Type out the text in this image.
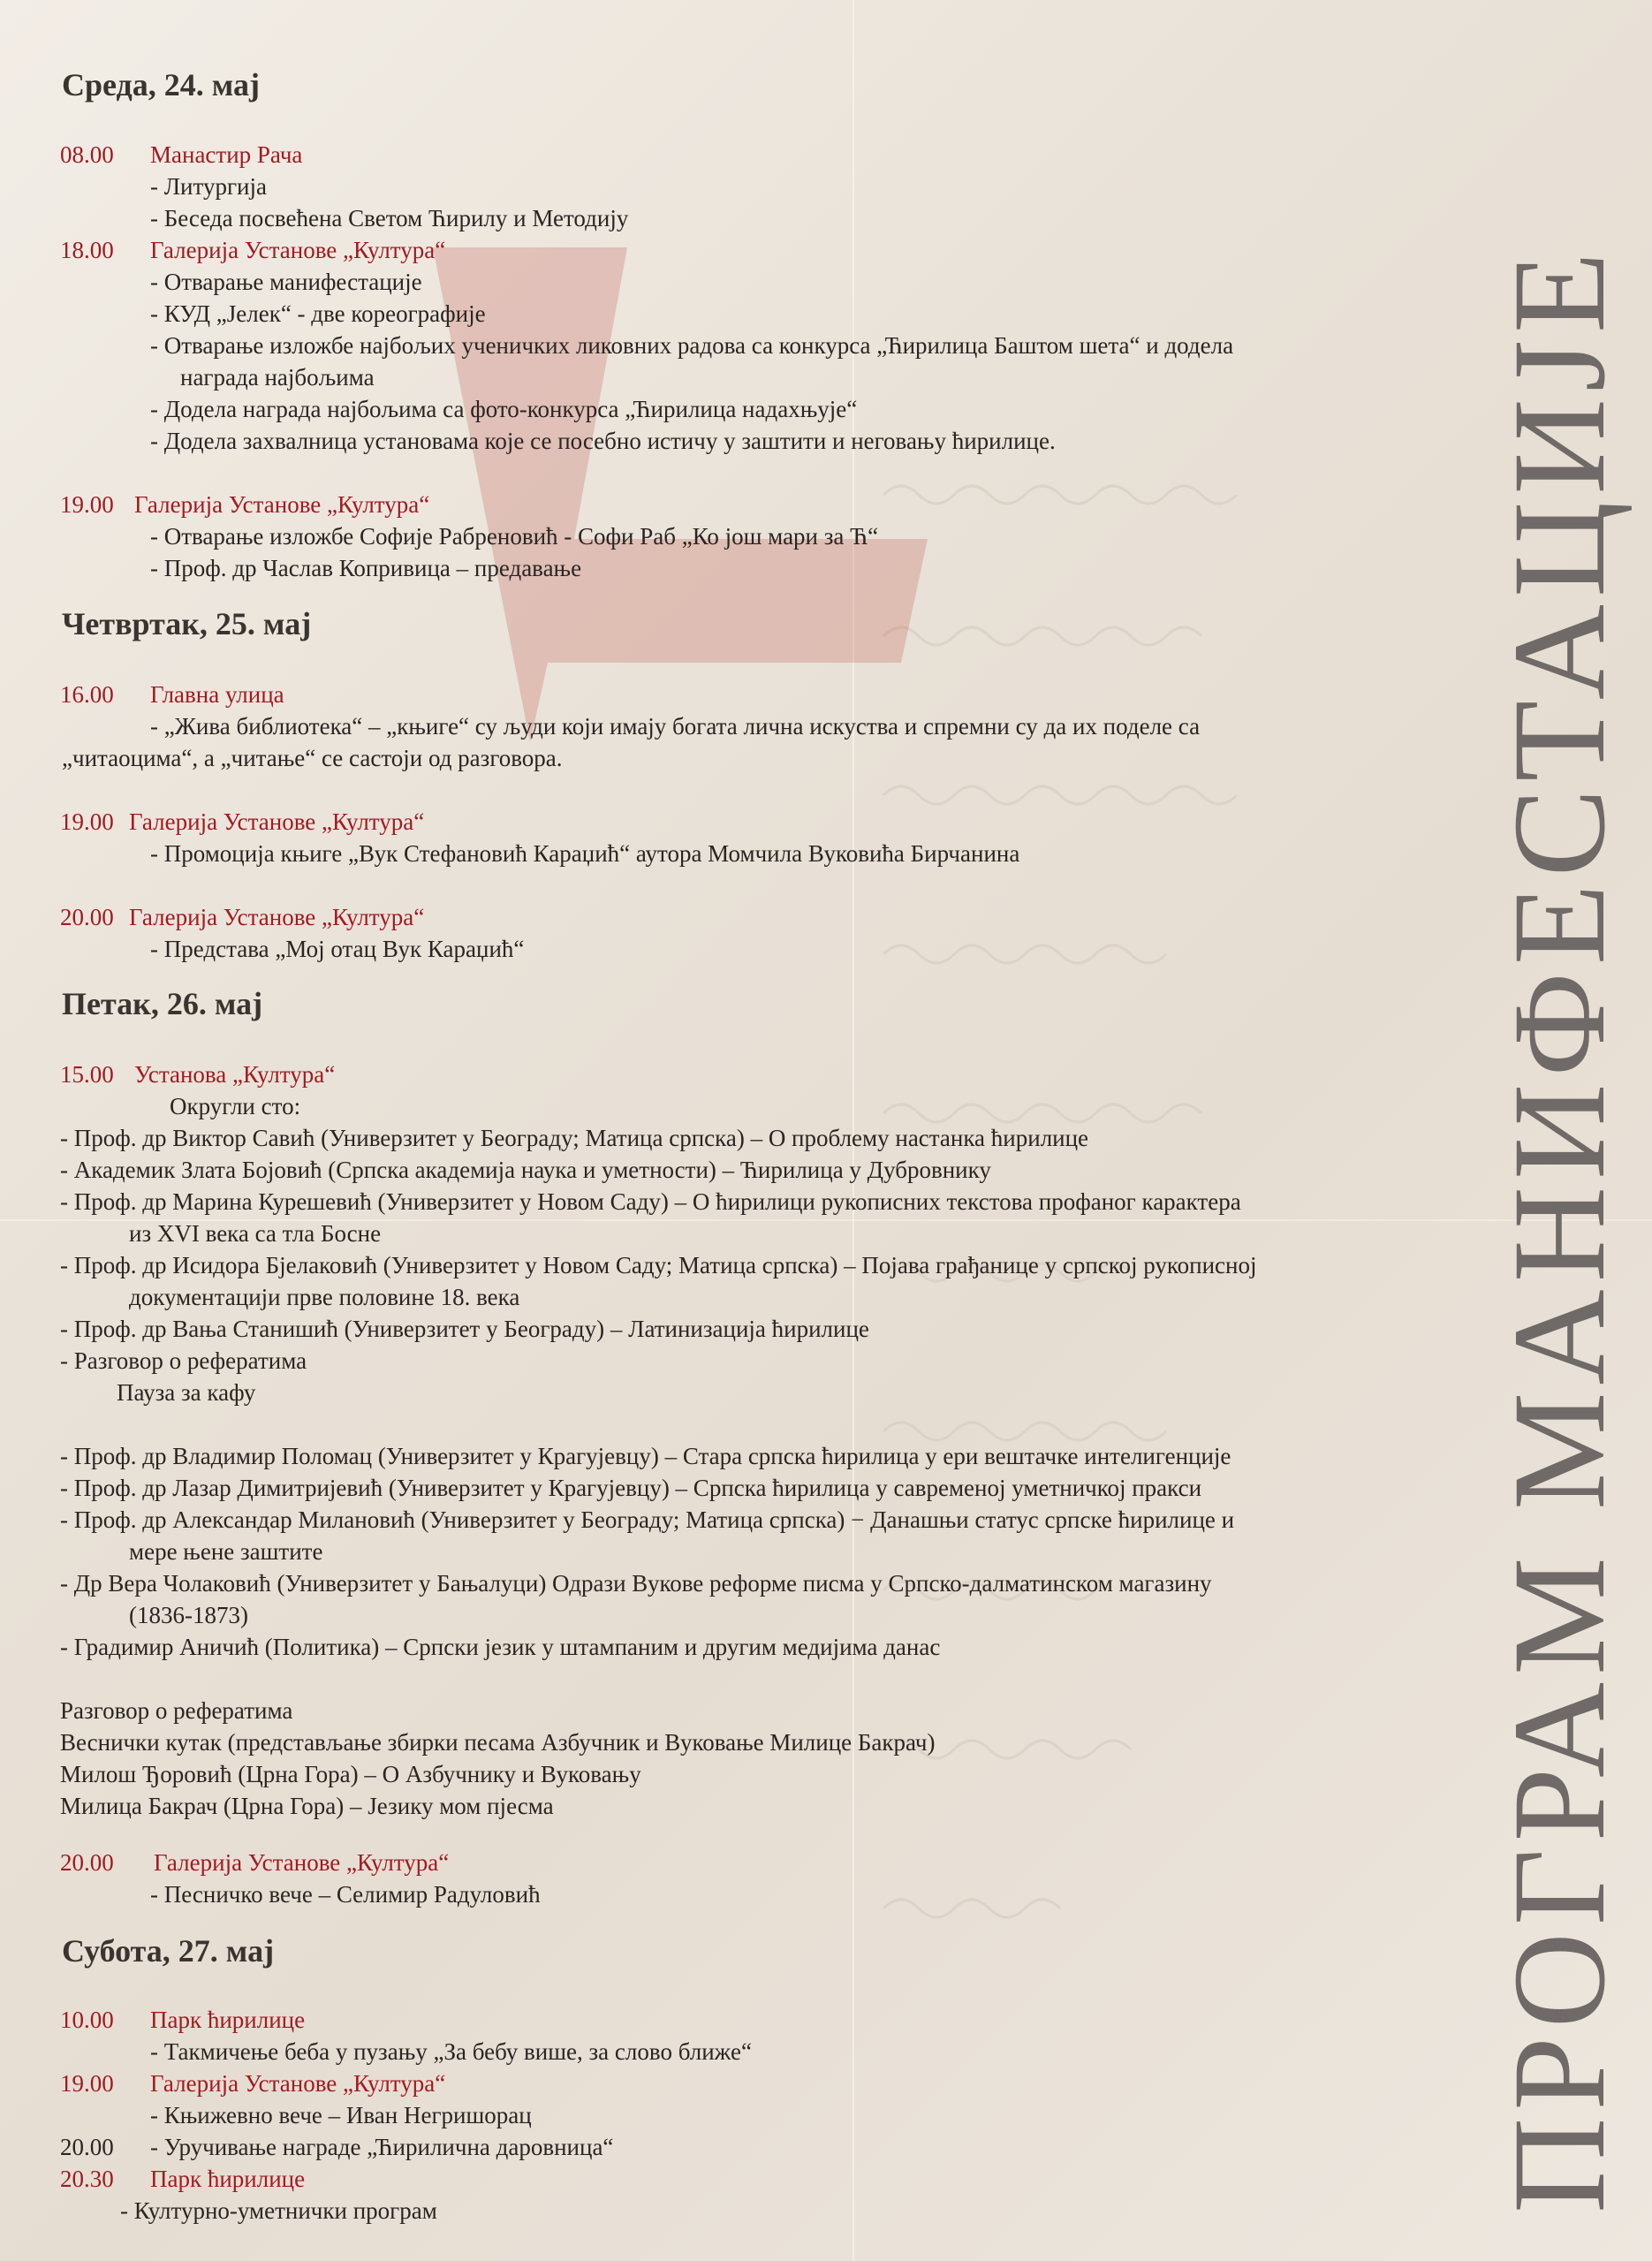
ПРОГРАМ МАНИФЕСТАЦИЈЕ
Среда, 24. мај
08.00 Манастир Рача
- Литургија
- Беседа посвећена Светом Ћирилу и Методију
18.00 Галерија Установе „Култура“
- Отварање манифестације
- КУД „Јелек“ - две кореографије
- Отварање изложбе најбољих ученичких ликовних радова са конкурса „Ћирилица Баштом шета“ и додела
награда најбољима
- Додела награда најбољима са фото-конкурса „Ћирилица надахњује“
- Додела захвалница установама које се посебно истичу у заштити и неговању ћирилице.
19.00 Галерија Установе „Култура“
- Отварање изложбе Софије Рабреновић - Софи Раб „Ко још мари за Ћ“
- Проф. др Часлав Копривица – предавање
Четвртак, 25. мај
16.00 Главна улица
- „Жива библиотека“ – „књиге“ су људи који имају богата лична искуства и спремни су да их поделе са
„читаоцима“, а „читање“ се састоји од разговора.
19.00 Галерија Установе „Култура“
- Промоција књиге „Вук Стефановић Караџић“ аутора Момчила Вуковића Бирчанина
20.00 Галерија Установе „Култура“
- Представа „Мој отац Вук Караџић“
Петак, 26. мај
15.00 Установа „Култура“
Округли сто:
- Проф. др Виктор Савић (Универзитет у Београду; Матица српска) – О проблему настанка ћирилице
- Академик Злата Бојовић (Српска академија наука и уметности) – Ћирилица у Дубровнику
- Проф. др Марина Курешевић (Универзитет у Новом Саду) – О ћирилици рукописних текстова профаног карактера
из XVI века са тла Босне
- Проф. др Исидора Бјелаковић (Универзитет у Новом Саду; Матица српска) – Појава грађанице у српској рукописној
документацији прве половине 18. века
- Проф. др Вања Станишић (Универзитет у Београду) – Латинизација ћирилице
- Разговор о рефератима
Пауза за кафу
- Проф. др Владимир Поломац (Универзитет у Крагујевцу) – Стара српска ћирилица у ери вештачке интелигенције
- Проф. др Лазар Димитријевић (Универзитет у Крагујевцу) – Српска ћирилица у савременој уметничкој пракси
- Проф. др Александар Милановић (Универзитет у Београду; Матица српска) − Данашњи статус српске ћирилице и
мере њене заштите
- Др Вера Чолаковић (Универзитет у Бањалуци) Одрази Вукове реформе писма у Српско-далматинском магазину
(1836-1873)
- Градимир Аничић (Политика) – Српски језик у штампаним и другим медијима данас
Разговор о рефератима
Веснички кутак (представљање збирки песама Азбучник и Вуковање Милице Бакрач)
Милош Ђоровић (Црна Гора) – О Азбучнику и Вуковању
Милица Бакрач (Црна Гора) – Језику мом пјесма
20.00 Галерија Установе „Култура“
- Песничко вече – Селимир Радуловић
Субота, 27. мај
10.00 Парк ћирилице
- Такмичење беба у пузању „За бебу више, за слово ближе“
19.00 Галерија Установе „Култура“
- Књижевно вече – Иван Негришорац
20.00 - Уручивање награде „Ћирилична даровница“
20.30 Парк ћирилице
- Културно-уметнички програм
